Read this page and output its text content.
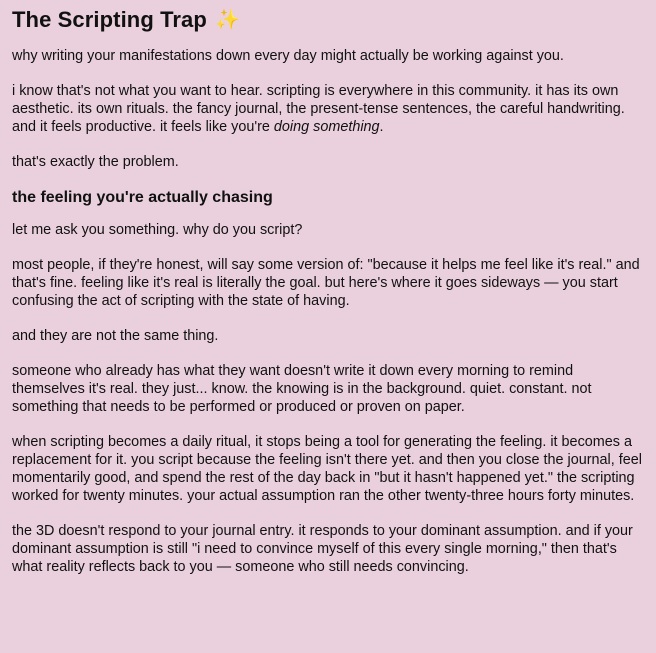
The Scripting Trap ✨

why writing your manifestations down every day might actually be working against you.

i know that's not what you want to hear. scripting is everywhere in this community. it has its own aesthetic. its own rituals. the fancy journal, the present-tense sentences, the careful handwriting. and it feels productive. it feels like you're doing something.

that's exactly the problem.

the feeling you're actually chasing

let me ask you something. why do you script?

most people, if they're honest, will say some version of: "because it helps me feel like it's real." and that's fine. feeling like it's real is literally the goal. but here's where it goes sideways — you start confusing the act of scripting with the state of having.

and they are not the same thing.

someone who already has what they want doesn't write it down every morning to remind themselves it's real. they just... know. the knowing is in the background. quiet. constant. not something that needs to be performed or produced or proven on paper.

when scripting becomes a daily ritual, it stops being a tool for generating the feeling. it becomes a replacement for it. you script because the feeling isn't there yet. and then you close the journal, feel momentarily good, and spend the rest of the day back in "but it hasn't happened yet." the scripting worked for twenty minutes. your actual assumption ran the other twenty-three hours forty minutes.

the 3D doesn't respond to your journal entry. it responds to your dominant assumption. and if your dominant assumption is still "i need to convince myself of this every single morning," then that's what reality reflects back to you — someone who still needs convincing.
